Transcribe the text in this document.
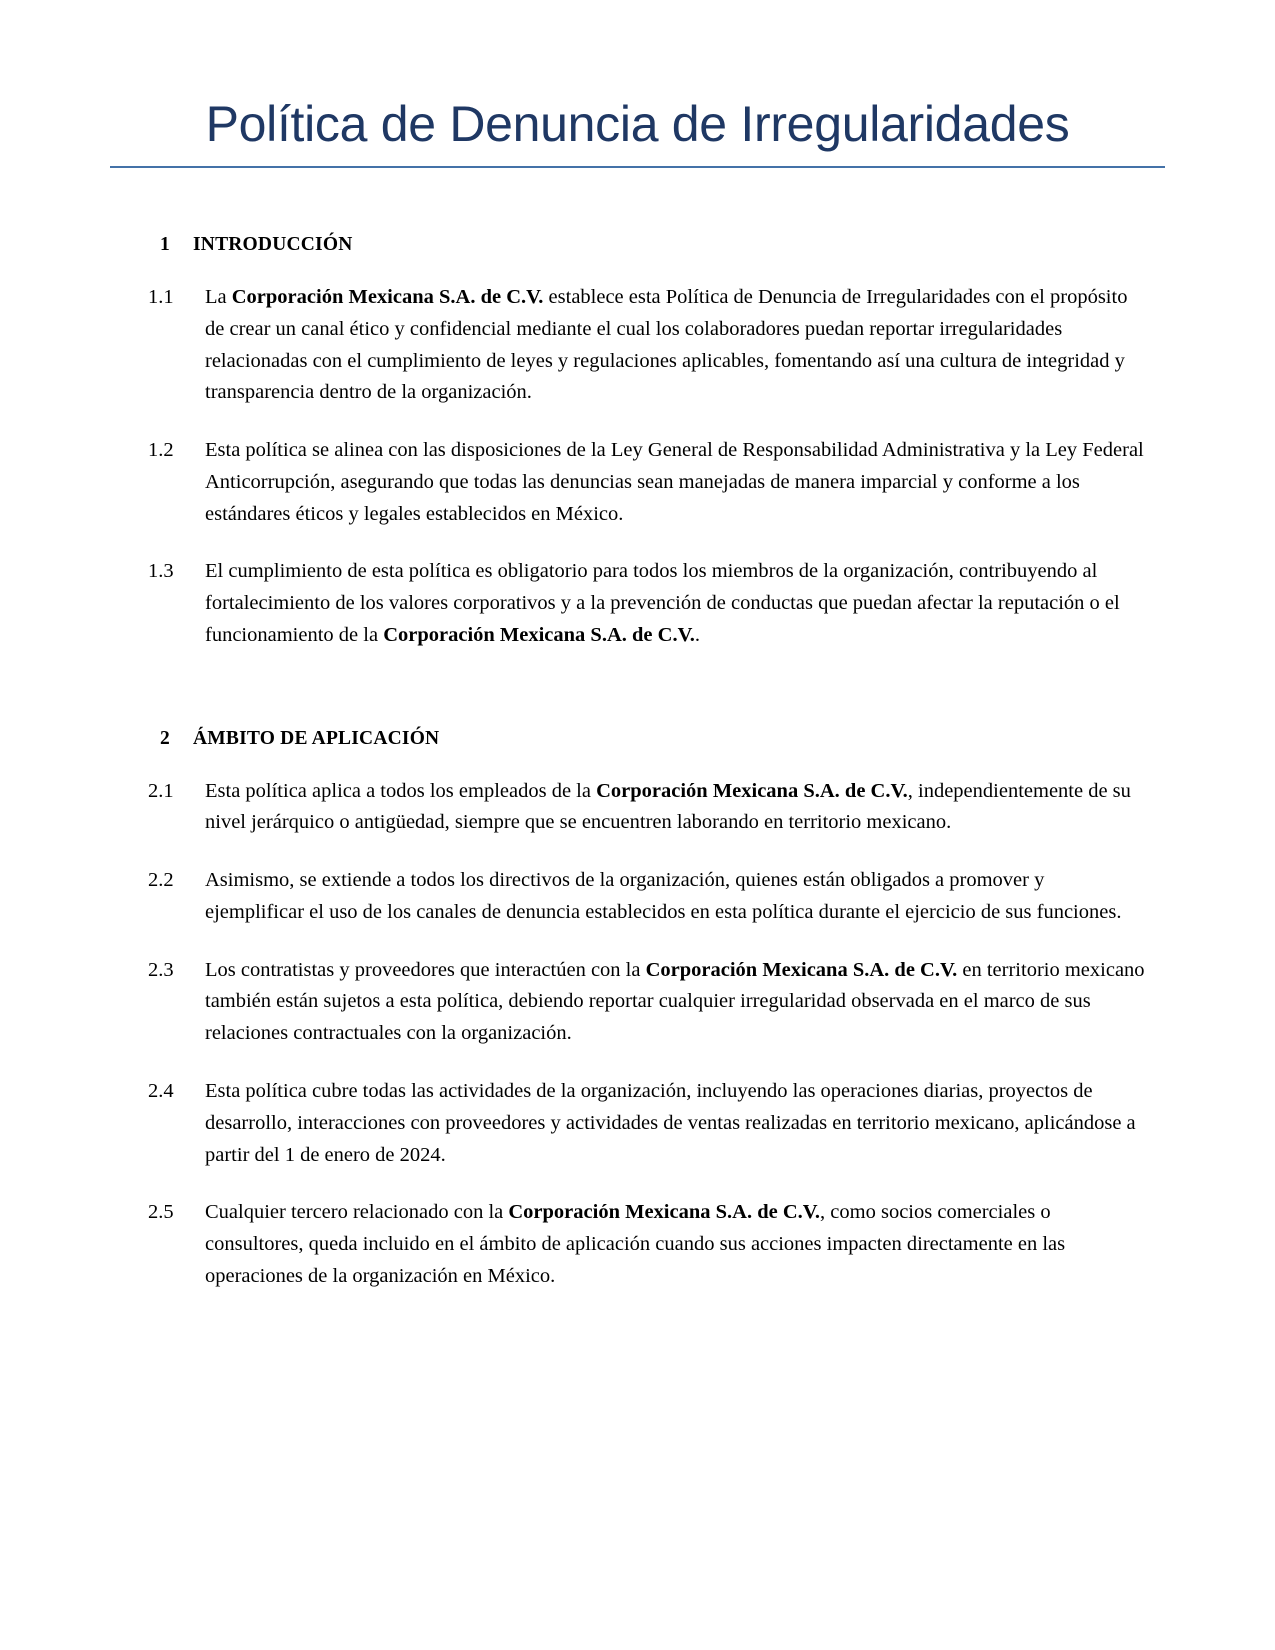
Política de Denuncia de Irregularidades
1	INTRODUCCIÓN
1.1	La Corporación Mexicana S.A. de C.V. establece esta Política de Denuncia de Irregularidades con el propósito de crear un canal ético y confidencial mediante el cual los colaboradores puedan reportar irregularidades relacionadas con el cumplimiento de leyes y regulaciones aplicables, fomentando así una cultura de integridad y transparencia dentro de la organización.
1.2	Esta política se alinea con las disposiciones de la Ley General de Responsabilidad Administrativa y la Ley Federal Anticorrupción, asegurando que todas las denuncias sean manejadas de manera imparcial y conforme a los estándares éticos y legales establecidos en México.
1.3	El cumplimiento de esta política es obligatorio para todos los miembros de la organización, contribuyendo al fortalecimiento de los valores corporativos y a la prevención de conductas que puedan afectar la reputación o el funcionamiento de la Corporación Mexicana S.A. de C.V..
2	ÁMBITO DE APLICACIÓN
2.1	Esta política aplica a todos los empleados de la Corporación Mexicana S.A. de C.V., independientemente de su nivel jerárquico o antigüedad, siempre que se encuentren laborando en territorio mexicano.
2.2	Asimismo, se extiende a todos los directivos de la organización, quienes están obligados a promover y ejemplificar el uso de los canales de denuncia establecidos en esta política durante el ejercicio de sus funciones.
2.3	Los contratistas y proveedores que interactúen con la Corporación Mexicana S.A. de C.V. en territorio mexicano también están sujetos a esta política, debiendo reportar cualquier irregularidad observada en el marco de sus relaciones contractuales con la organización.
2.4	Esta política cubre todas las actividades de la organización, incluyendo las operaciones diarias, proyectos de desarrollo, interacciones con proveedores y actividades de ventas realizadas en territorio mexicano, aplicándose a partir del 1 de enero de 2024.
2.5	Cualquier tercero relacionado con la Corporación Mexicana S.A. de C.V., como socios comerciales o consultores, queda incluido en el ámbito de aplicación cuando sus acciones impacten directamente en las operaciones de la organización en México.
